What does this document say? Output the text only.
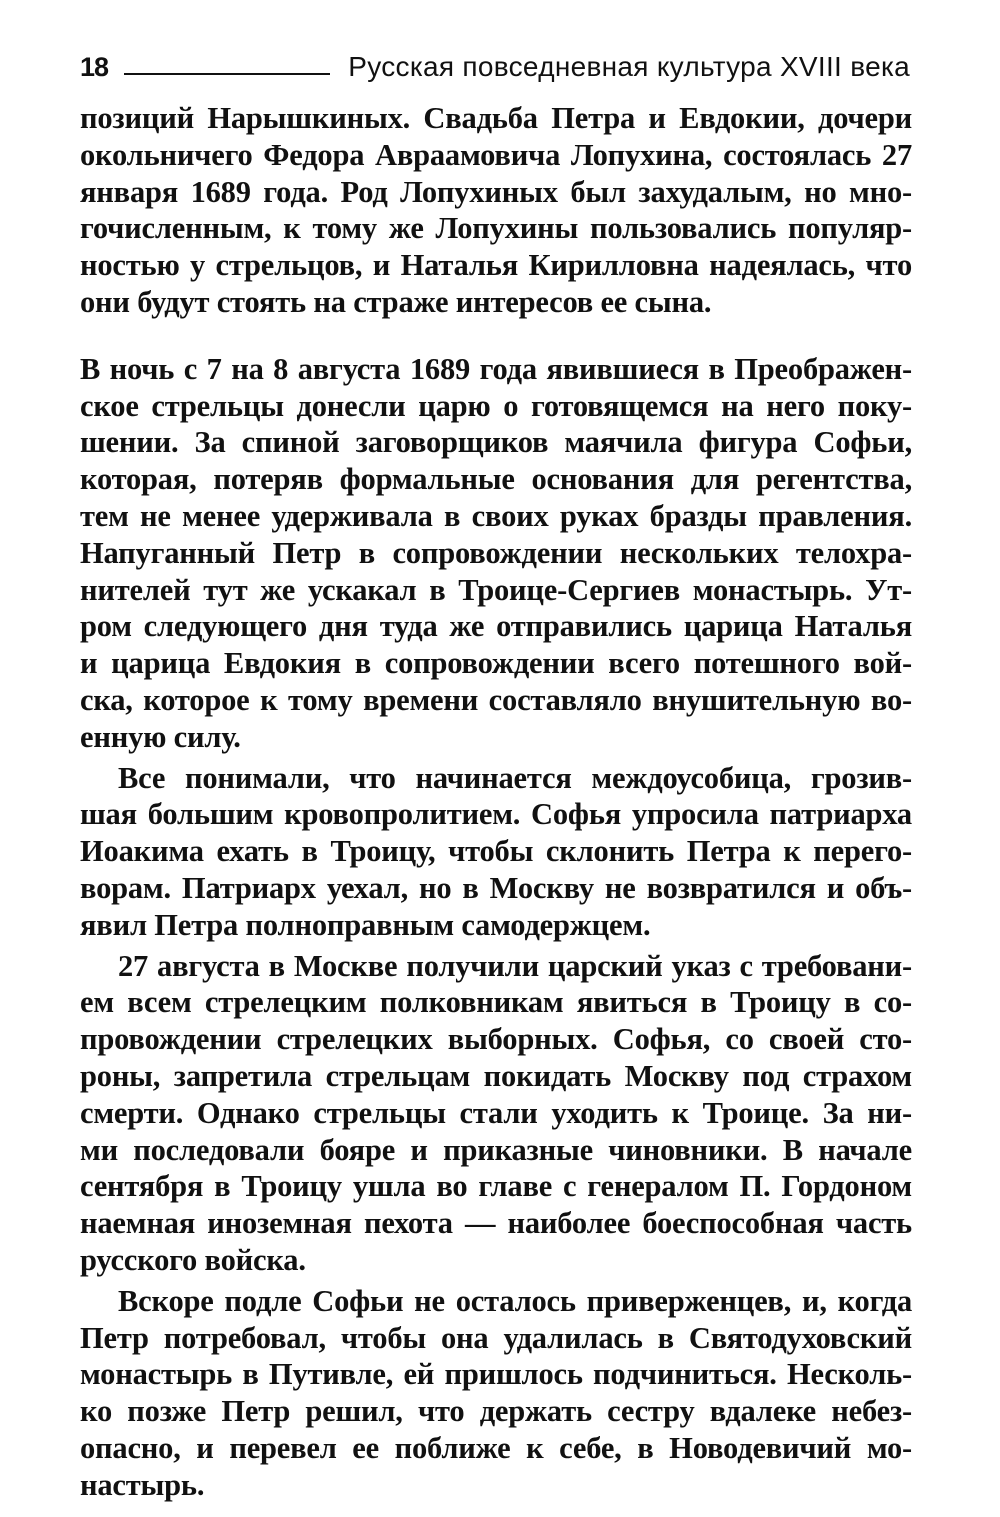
18	Русская повседневная культура XVIII века

позиций Нарышкиных. Свадьба Петра и Евдокии, дочери
окольничего Федора Авраамовича Лопухина, состоялась 27
января 1689 года. Род Лопухиных был захудалым, но мно-
гочисленным, к тому же Лопухины пользовались популяр-
ностью у стрельцов, и Наталья Кирилловна надеялась, что
они будут стоять на страже интересов ее сына.

В ночь с 7 на 8 августа 1689 года явившиеся в Преображен-
ское стрельцы донесли царю о готовящемся на него поку-
шении. За спиной заговорщиков маячила фигура Софьи,
которая, потеряв формальные основания для регентства,
тем не менее удерживала в своих руках бразды правления.
Напуганный Петр в сопровождении нескольких телохра-
нителей тут же ускакал в Троице-Сергиев монастырь. Ут-
ром следующего дня туда же отправились царица Наталья
и царица Евдокия в сопровождении всего потешного вой-
ска, которое к тому времени составляло внушительную во-
енную силу.

Все понимали, что начинается междоусобица, грозив-
шая большим кровопролитием. Софья упросила патриарха
Иоакима ехать в Троицу, чтобы склонить Петра к перего-
ворам. Патриарх уехал, но в Москву не возвратился и объ-
явил Петра полноправным самодержцем.

27 августа в Москве получили царский указ с требовани-
ем всем стрелецким полковникам явиться в Троицу в со-
провождении стрелецких выборных. Софья, со своей сто-
роны, запретила стрельцам покидать Москву под страхом
смерти. Однако стрельцы стали уходить к Троице. За ни-
ми последовали бояре и приказные чиновники. В начале
сентября в Троицу ушла во главе с генералом П. Гордоном
наемная иноземная пехота — наиболее боеспособная часть
русского войска.

Вскоре подле Софьи не осталось приверженцев, и, когда
Петр потребовал, чтобы она удалилась в Святодуховский
монастырь в Путивле, ей пришлось подчиниться. Несколь-
ко позже Петр решил, что держать сестру вдалеке небез-
опасно, и перевел ее поближе к себе, в Новодевичий мо-
настырь.
